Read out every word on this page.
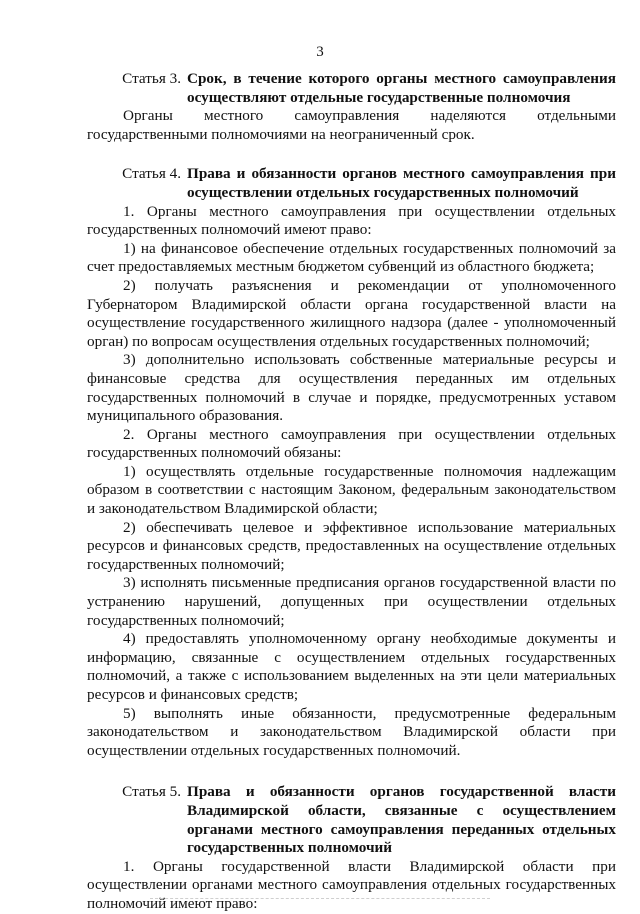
3
Статья 3. Срок, в течение которого органы местного самоуправления осуществляют отдельные государственные полномочия

Органы местного самоуправления наделяются отдельными государственными полномочиями на неограниченный срок.

Статья 4. Права и обязанности органов местного самоуправления при осуществлении отдельных государственных полномочий

1. Органы местного самоуправления при осуществлении отдельных государственных полномочий имеют право:

1) на финансовое обеспечение отдельных государственных полномочий за счет предоставляемых местным бюджетом субвенций из областного бюджета;

2) получать разъяснения и рекомендации от уполномоченного Губернатором Владимирской области органа государственной власти на осуществление государственного жилищного надзора (далее - уполномоченный орган) по вопросам осуществления отдельных государственных полномочий;

3) дополнительно использовать собственные материальные ресурсы и финансовые средства для осуществления переданных им отдельных государственных полномочий в случае и порядке, предусмотренных уставом муниципального образования.

2. Органы местного самоуправления при осуществлении отдельных государственных полномочий обязаны:

1) осуществлять отдельные государственные полномочия надлежащим образом в соответствии с настоящим Законом, федеральным законодательством и законодательством Владимирской области;

2) обеспечивать целевое и эффективное использование материальных ресурсов и финансовых средств, предоставленных на осуществление отдельных государственных полномочий;

3) исполнять письменные предписания органов государственной власти по устранению нарушений, допущенных при осуществлении отдельных государственных полномочий;

4) предоставлять уполномоченному органу необходимые документы и информацию, связанные с осуществлением отдельных государственных полномочий, а также с использованием выделенных на эти цели материальных ресурсов и финансовых средств;

5) выполнять иные обязанности, предусмотренные федеральным законодательством и законодательством Владимирской области при осуществлении отдельных государственных полномочий.

Статья 5. Права и обязанности органов государственной власти Владимирской области, связанные с осуществлением органами местного самоуправления переданных отдельных государственных полномочий

1. Органы государственной власти Владимирской области при осуществлении органами местного самоуправления отдельных государственных полномочий имеют право:
